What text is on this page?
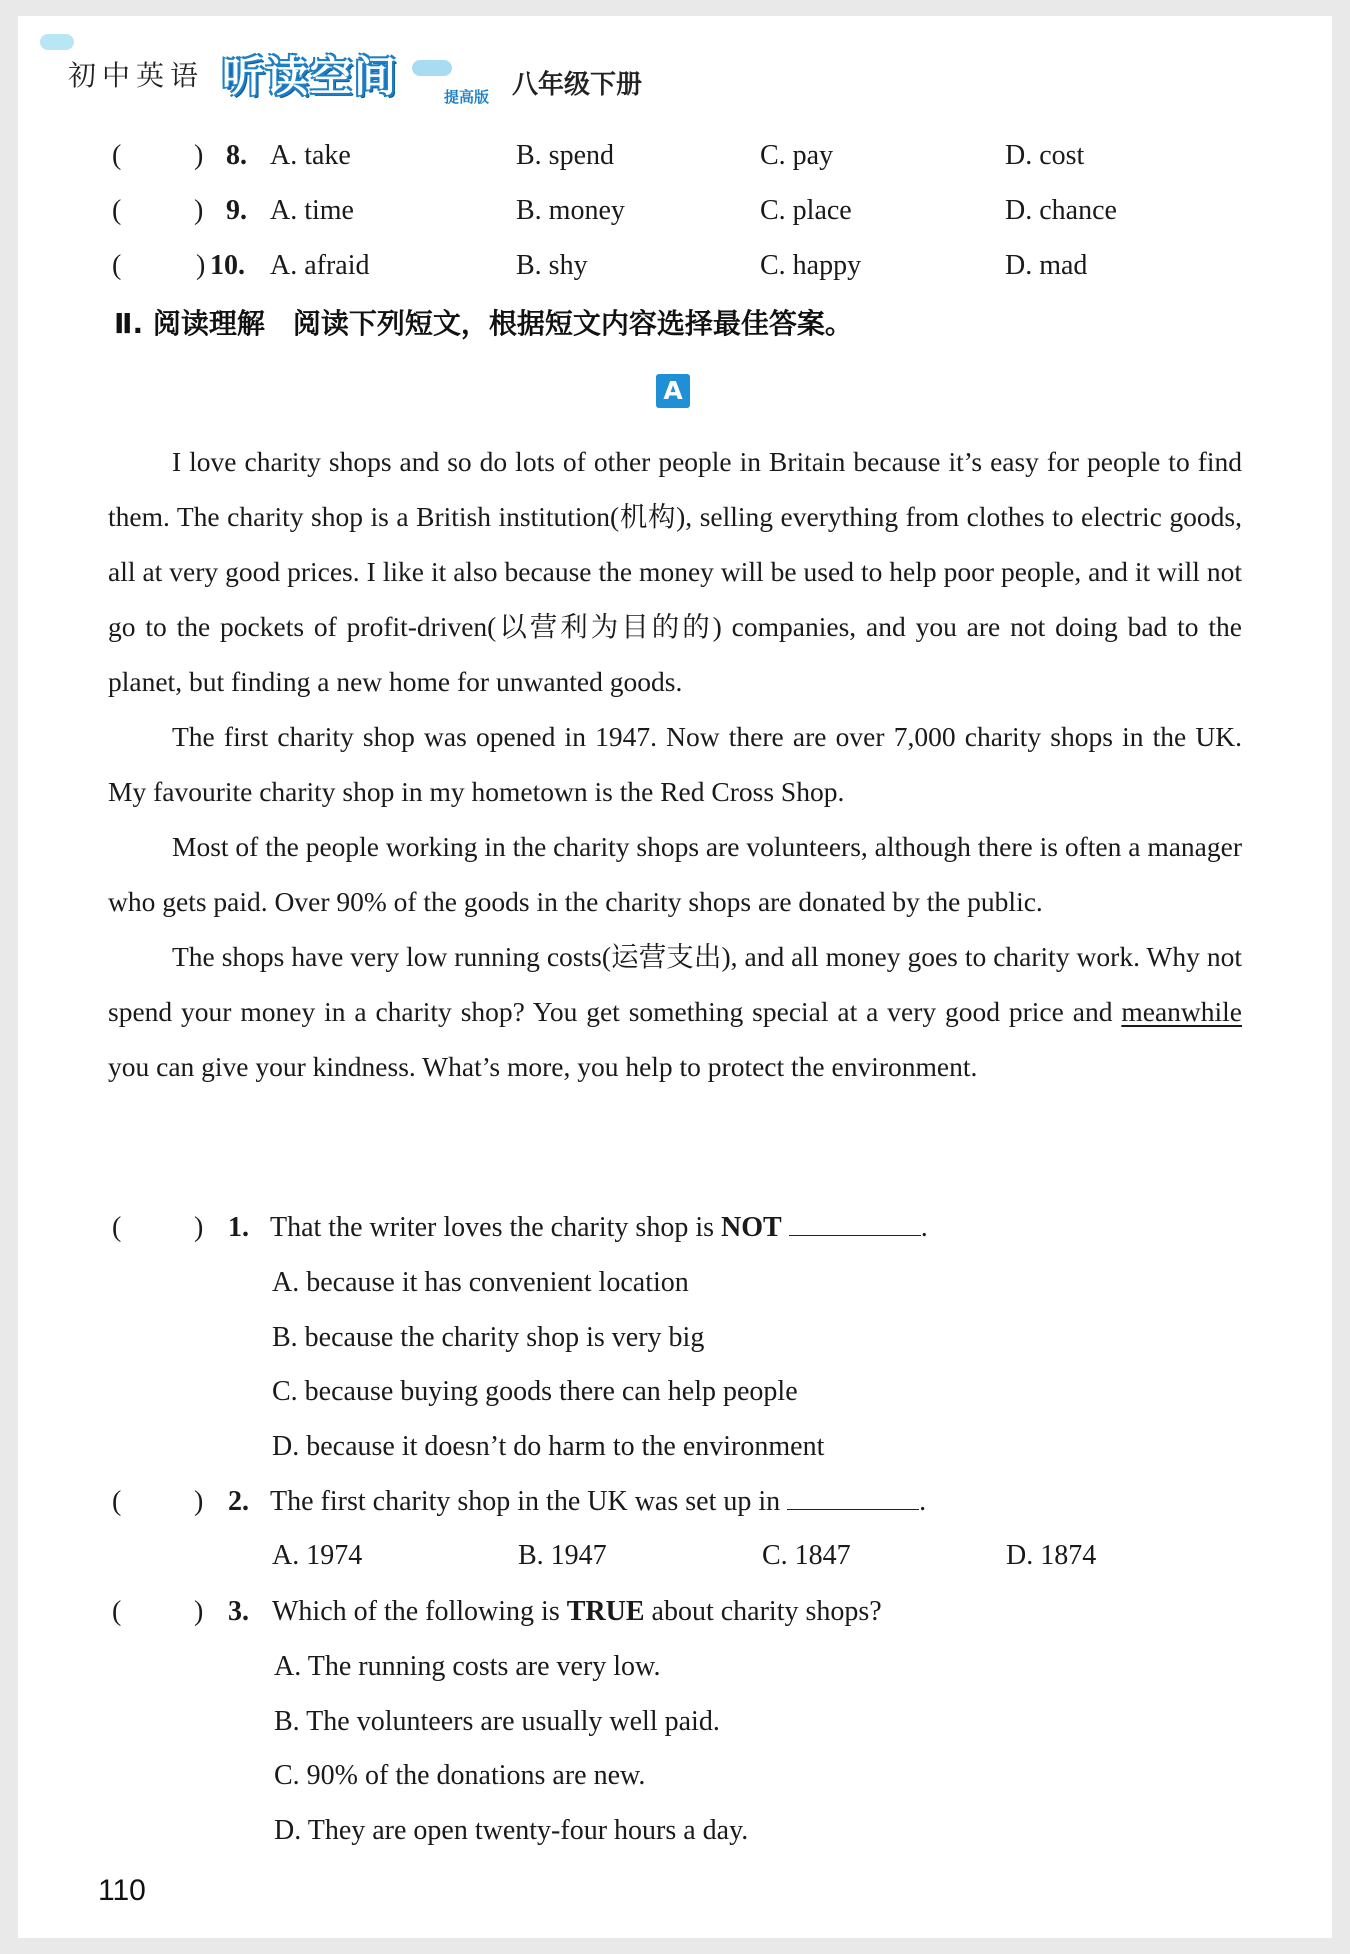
初中英语 听读空间	提高版 八年级下册
(	) 8. A. take	B. spend	C. pay	D. cost
(	) 9. A. time	B. money	C. place	D. chance
(	) 10. A. afraid	B. shy	C. happy	D. mad
Ⅱ. 阅读理解　阅读下列短文，根据短文内容选择最佳答案。
A

I love charity shops and so do lots of other people in Britain because it’s easy for people to find them. The charity shop is a British institution(机构), selling everything from clothes to electric goods, all at very good prices. I like it also because the money will be used to help poor people, and it will not go to the pockets of profit-driven(以营利为目的的) companies, and you are not doing bad to the planet, but finding a new home for unwanted goods.

The first charity shop was opened in 1947. Now there are over 7,000 charity shops in the UK. My favourite charity shop in my hometown is the Red Cross Shop.

Most of the people working in the charity shops are volunteers, although there is often a manager who gets paid. Over 90% of the goods in the charity shops are donated by the public.

The shops have very low running costs(运营支出), and all money goes to charity work. Why not spend your money in a charity shop? You get something special at a very good price and meanwhile you can give your kindness. What’s more, you help to protect the environment.

(	) 1. That the writer loves the charity shop is NOT	.
A. because it has convenient location
B. because the charity shop is very big
C. because buying goods there can help people
D. because it doesn’t do harm to the environment
(	) 2. The first charity shop in the UK was set up in	.
A. 1974	B. 1947	C. 1847	D. 1874
(	) 3. Which of the following is TRUE about charity shops?
A. The running costs are very low.
B. The volunteers are usually well paid.
C. 90% of the donations are new.
D. They are open twenty-four hours a day.
110
